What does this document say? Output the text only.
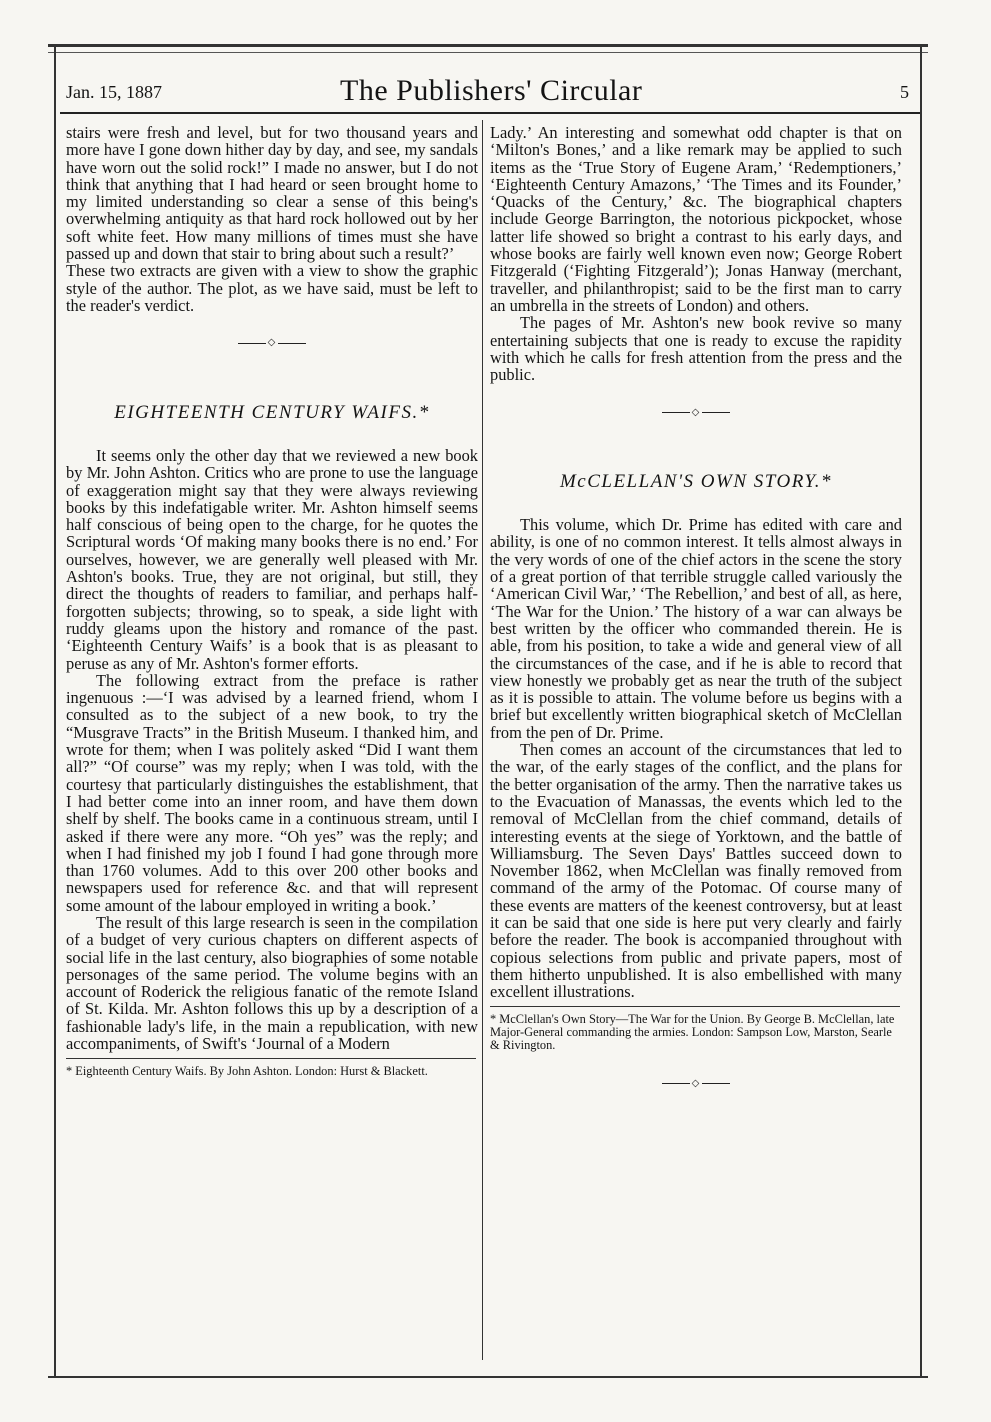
Jan. 15, 1887	The Publishers' Circular	5

stairs were fresh and level, but for two thousand years and more have I gone down hither day by day, and see, my sandals have worn out the solid rock!” I made no answer, but I do not think that anything that I had heard or seen brought home to my limited understanding so clear a sense of this being's overwhelming antiquity as that hard rock hollowed out by her soft white feet. How many millions of times must she have passed up and down that stair to bring about such a result?’

These two extracts are given with a view to show the graphic style of the author. The plot, as we have said, must be left to the reader's verdict.

◇
EIGHTEENTH CENTURY WAIFS.*

It seems only the other day that we reviewed a new book by Mr. John Ashton. Critics who are prone to use the language of exaggeration might say that they were always reviewing books by this indefatigable writer. Mr. Ashton himself seems half conscious of being open to the charge, for he quotes the Scriptural words ‘Of making many books there is no end.’ For ourselves, however, we are generally well pleased with Mr. Ashton's books. True, they are not original, but still, they direct the thoughts of readers to familiar, and perhaps half-forgotten subjects; throwing, so to speak, a side light with ruddy gleams upon the history and romance of the past. ‘Eighteenth Century Waifs’ is a book that is as pleasant to peruse as any of Mr. Ashton's former efforts.

The following extract from the preface is rather ingenuous :—‘I was advised by a learned friend, whom I consulted as to the subject of a new book, to try the “Musgrave Tracts” in the British Museum. I thanked him, and wrote for them; when I was politely asked “Did I want them all?” “Of course” was my reply; when I was told, with the courtesy that particularly distinguishes the establishment, that I had better come into an inner room, and have them down shelf by shelf. The books came in a continuous stream, until I asked if there were any more. “Oh yes” was the reply; and when I had finished my job I found I had gone through more than 1760 volumes. Add to this over 200 other books and newspapers used for reference &c. and that will represent some amount of the labour employed in writing a book.’

The result of this large research is seen in the compilation of a budget of very curious chapters on different aspects of social life in the last century, also biographies of some notable personages of the same period. The volume begins with an account of Roderick the religious fanatic of the remote Island of St. Kilda. Mr. Ashton follows this up by a description of a fashionable lady's life, in the main a republication, with new accompaniments, of Swift's ‘Journal of a Modern

* Eighteenth Century Waifs. By John Ashton. London: Hurst & Blackett.

Lady.’ An interesting and somewhat odd chapter is that on ‘Milton's Bones,’ and a like remark may be applied to such items as the ‘True Story of Eugene Aram,’ ‘Redemptioners,’ ‘Eighteenth Century Amazons,’ ‘The Times and its Founder,’ ‘Quacks of the Century,’ &c. The biographical chapters include George Barrington, the notorious pickpocket, whose latter life showed so bright a contrast to his early days, and whose books are fairly well known even now; George Robert Fitzgerald (‘Fighting Fitzgerald’); Jonas Hanway (merchant, traveller, and philanthropist; said to be the first man to carry an umbrella in the streets of London) and others.

The pages of Mr. Ashton's new book revive so many entertaining subjects that one is ready to excuse the rapidity with which he calls for fresh attention from the press and the public.

◇
McCLELLAN'S OWN STORY.*

This volume, which Dr. Prime has edited with care and ability, is one of no common interest. It tells almost always in the very words of one of the chief actors in the scene the story of a great portion of that terrible struggle called variously the ‘American Civil War,’ ‘The Rebellion,’ and best of all, as here, ‘The War for the Union.’ The history of a war can always be best written by the officer who commanded therein. He is able, from his position, to take a wide and general view of all the circumstances of the case, and if he is able to record that view honestly we probably get as near the truth of the subject as it is possible to attain. The volume before us begins with a brief but excellently written biographical sketch of McClellan from the pen of Dr. Prime.

Then comes an account of the circumstances that led to the war, of the early stages of the conflict, and the plans for the better organisation of the army. Then the narrative takes us to the Evacuation of Manassas, the events which led to the removal of McClellan from the chief command, details of interesting events at the siege of Yorktown, and the battle of Williamsburg. The Seven Days' Battles succeed down to November 1862, when McClellan was finally removed from command of the army of the Potomac. Of course many of these events are matters of the keenest controversy, but at least it can be said that one side is here put very clearly and fairly before the reader. The book is accompanied throughout with copious selections from public and private papers, most of them hitherto unpublished. It is also embellished with many excellent illustrations.

* McClellan's Own Story—The War for the Union. By George B. McClellan, late Major-General commanding the armies. London: Sampson Low, Marston, Searle & Rivington.
◇
